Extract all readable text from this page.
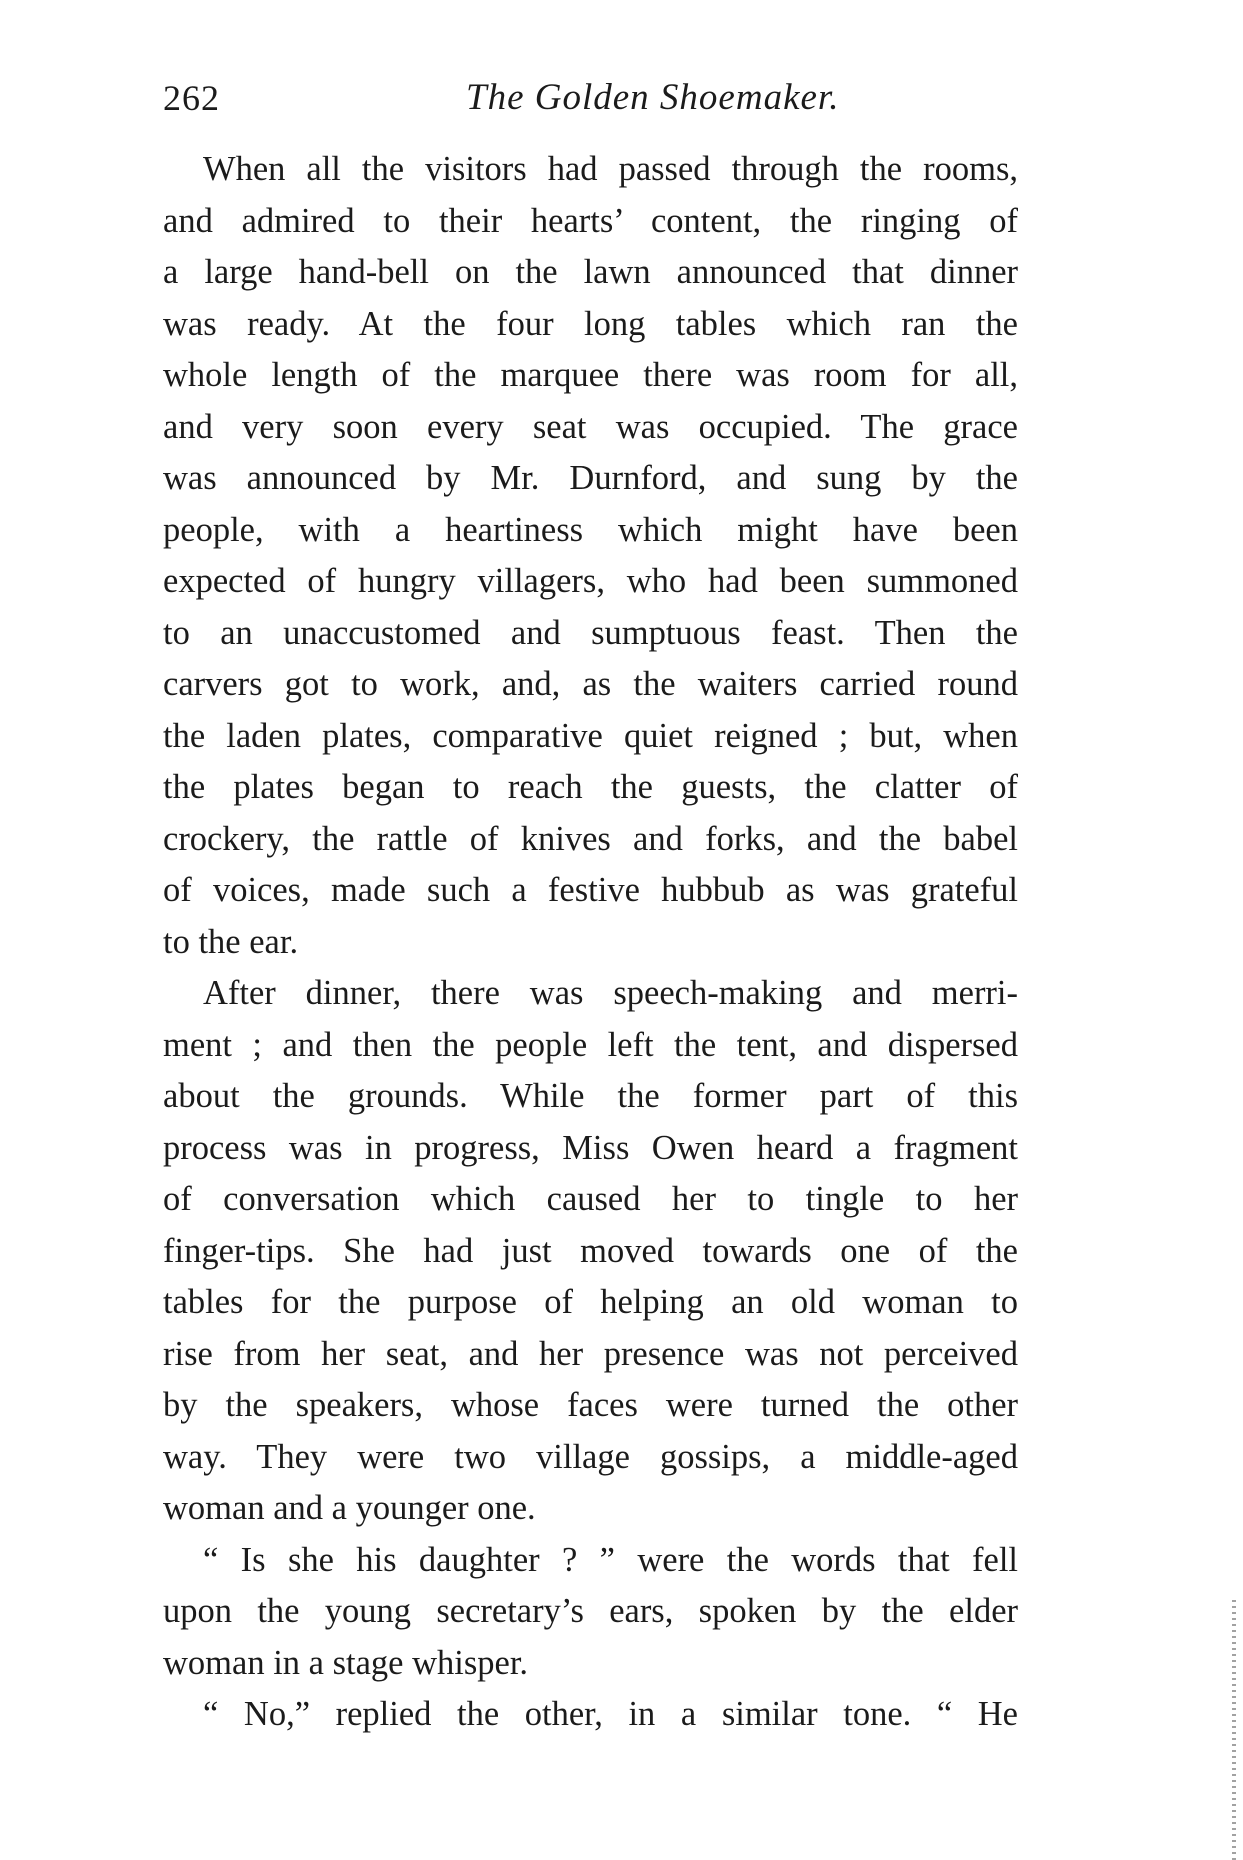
262	The Golden Shoemaker.
When all the visitors had passed through the rooms,
and admired to their hearts’ content, the ringing of
a large hand-bell on the lawn announced that dinner
was ready. At the four long tables which ran the
whole length of the marquee there was room for all,
and very soon every seat was occupied. The grace
was announced by Mr. Durnford, and sung by the
people, with a heartiness which might have been
expected of hungry villagers, who had been summoned
to an unaccustomed and sumptuous feast. Then the
carvers got to work, and, as the waiters carried round
the laden plates, comparative quiet reigned ; but, when
the plates began to reach the guests, the clatter of
crockery, the rattle of knives and forks, and the babel
of voices, made such a festive hubbub as was grateful
to the ear.
After dinner, there was speech-making and merri-
ment ; and then the people left the tent, and dispersed
about the grounds. While the former part of this
process was in progress, Miss Owen heard a fragment
of conversation which caused her to tingle to her
finger-tips. She had just moved towards one of the
tables for the purpose of helping an old woman to
rise from her seat, and her presence was not perceived
by the speakers, whose faces were turned the other
way. They were two village gossips, a middle-aged
woman and a younger one.
“ Is she his daughter ? ” were the words that fell
upon the young secretary’s ears, spoken by the elder
woman in a stage whisper.
“ No,” replied the other, in a similar tone. “ He
